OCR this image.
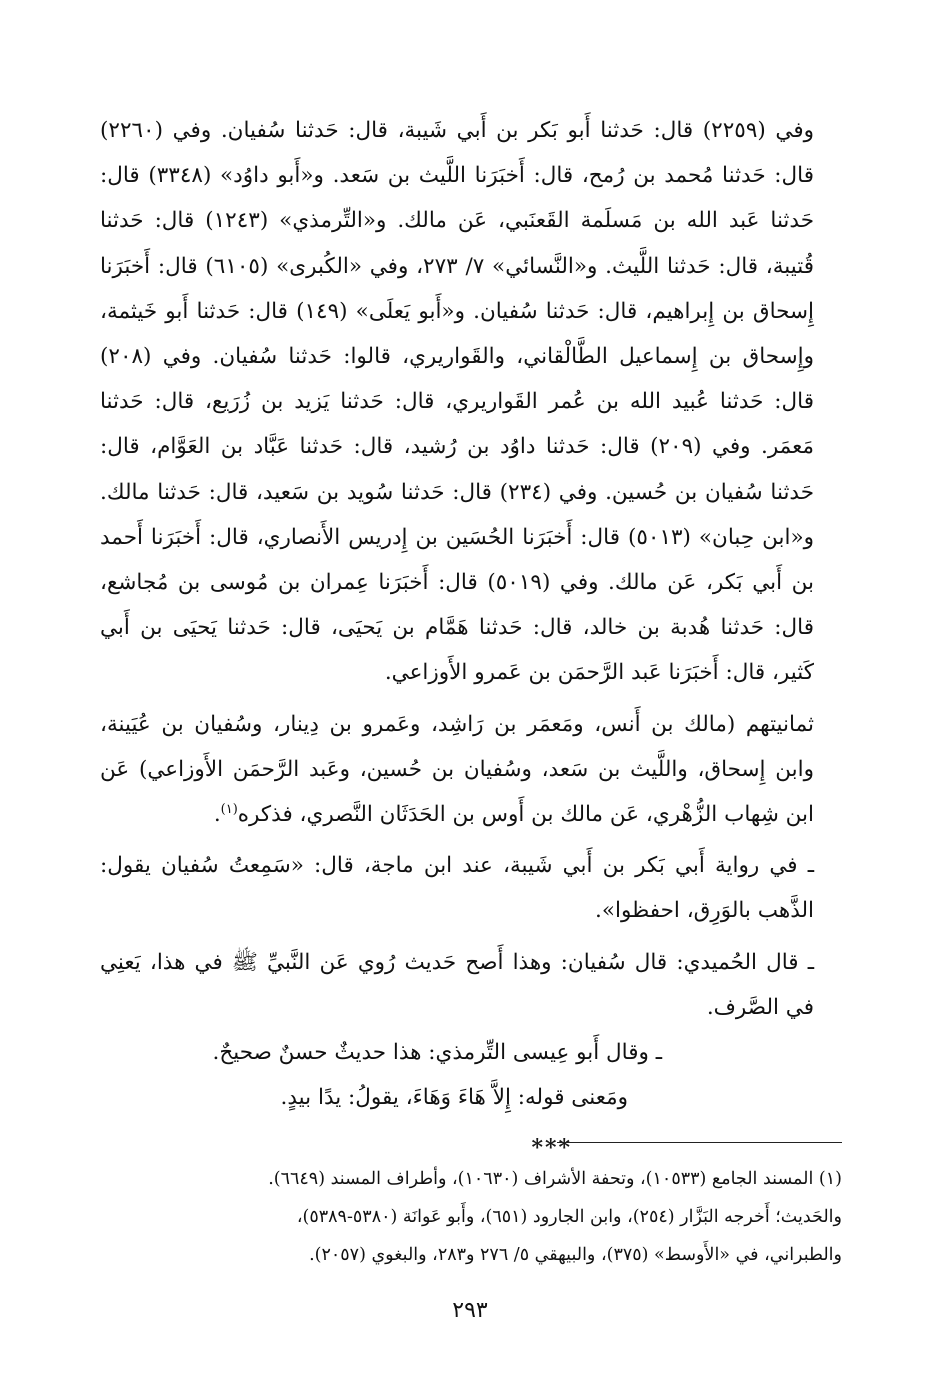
وفي (٢٢٥٩) قال: حَدثنا أَبو بَكر بن أَبي شَيبة، قال: حَدثنا سُفيان. وفي (٢٢٦٠) قال: حَدثنا مُحمد بن رُمح، قال: أَخبَرَنا اللَّيث بن سَعد. و«أَبو داوُد» (٣٣٤٨) قال: حَدثنا عَبد الله بن مَسلَمة القَعنَبي، عَن مالك. و«التِّرمذي» (١٢٤٣) قال: حَدثنا قُتيبة، قال: حَدثنا اللَّيث. و«النَّسائي» ٧/ ٢٧٣، وفي «الكُبرى» (٦١٠٥) قال: أَخبَرَنا إِسحاق بن إِبراهيم، قال: حَدثنا سُفيان. و«أَبو يَعلَى» (١٤٩) قال: حَدثنا أَبو خَيثمة، وإِسحاق بن إِسماعيل الطَّالْقاني، والقَواريري، قالوا: حَدثنا سُفيان. وفي (٢٠٨) قال: حَدثنا عُبيد الله بن عُمر القَواريري، قال: حَدثنا يَزيد بن زُرَيع، قال: حَدثنا مَعمَر. وفي (٢٠٩) قال: حَدثنا داوُد بن رُشيد، قال: حَدثنا عَبَّاد بن العَوَّام، قال: حَدثنا سُفيان بن حُسين. وفي (٢٣٤) قال: حَدثنا سُويد بن سَعيد، قال: حَدثنا مالك. و«ابن حِبان» (٥٠١٣) قال: أَخبَرَنا الحُسَين بن إِدريس الأَنصاري، قال: أَخبَرَنا أَحمد بن أَبي بَكر، عَن مالك. وفي (٥٠١٩) قال: أَخبَرَنا عِمران بن مُوسى بن مُجاشع، قال: حَدثنا هُدبة بن خالد، قال: حَدثنا هَمَّام بن يَحيَى، قال: حَدثنا يَحيَى بن أَبي كَثير، قال: أَخبَرَنا عَبد الرَّحمَن بن عَمرو الأَوزاعي.

ثمانيتهم (مالك بن أَنس، ومَعمَر بن رَاشِد، وعَمرو بن دِينار، وسُفيان بن عُيَينة، وابن إِسحاق، واللَّيث بن سَعد، وسُفيان بن حُسين، وعَبد الرَّحمَن الأَوزاعي) عَن ابن شِهاب الزُّهْري، عَن مالك بن أَوس بن الحَدَثَان النَّصري، فذكره$^{(١)}$.

ـ في رواية أَبي بَكر بن أَبي شَيبة، عند ابن ماجة، قال: «سَمِعتُ سُفيان يقول: الذَّهب بالوَرِق، احفظوا».

ـ قال الحُميدي: قال سُفيان: وهذا أَصح حَديث رُوي عَن النَّبيِّ ﷺ في هذا، يَعنِي في الصَّرف.

ـ وقال أَبو عِيسى التِّرمذي: هذا حديثٌ حسنٌ صحيحٌ.

ومَعنى قوله: إِلاَّ هَاءَ وَهَاءَ، يقولُ: يدًا بيدٍ.

***

(١) المسند الجامع (١٠٥٣٣)، وتحفة الأشراف (١٠٦٣٠)، وأطراف المسند (٦٦٤٩).

والحَديث؛ أَخرجه البَزَّار (٢٥٤)، وابن الجارود (٦٥١)، وأَبو عَوانَة (٥٣٨٠-٥٣٨٩)،

والطبراني، في «الأَوسط» (٣٧٥)، والبيهقي ٥/ ٢٧٦ و٢٨٣، والبغوي (٢٠٥٧).

٢٩٣
